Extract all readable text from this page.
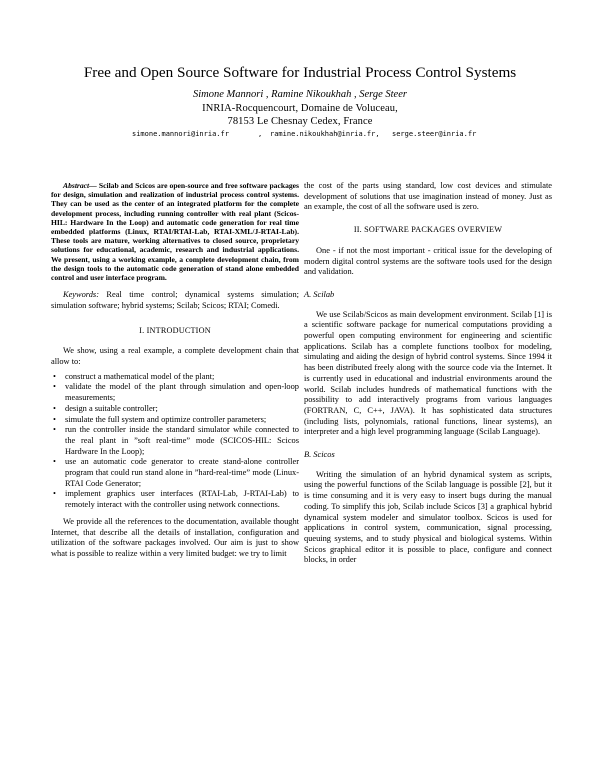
Free and Open Source Software for Industrial Process Control Systems
Simone Mannori , Ramine Nikoukhah , Serge Steer
INRIA-Rocquencourt, Domaine de Voluceau,
78153 Le Chesnay Cedex, France
simone.mannori@inria.fr	, ramine.nikoukhah@inria.fr, serge.steer@inria.fr

Abstract— Scilab and Scicos are open-source and free software packages for design, simulation and realization of industrial process control systems. They can be used as the center of an integrated platform for the complete development process, including running controller with real plant (Scicos-HIL: Hardware In the Loop) and automatic code generation for real time embedded platforms (Linux, RTAI/RTAI-Lab, RTAI-XML/J-RTAI-Lab). These tools are mature, working alternatives to closed source, proprietary solutions for educational, academic, research and industrial applications. We present, using a working example, a complete development chain, from the design tools to the automatic code generation of stand alone embedded control and user interface program.

Keywords: Real time control; dynamical systems simulation; simulation software; hybrid systems; Scilab; Scicos; RTAI; Comedi.

I. INTRODUCTION

We show, using a real example, a complete development chain that allow to:

• construct a mathematical model of the plant;
• validate the model of the plant through simulation and open-loop measurements;
• design a suitable controller;
• simulate the full system and optimize controller parameters;
• run the controller inside the standard simulator while connected to the real plant in ”soft real-time” mode (SCICOS-HIL: Scicos Hardware In the Loop);
• use an automatic code generator to create stand-alone controller program that could run stand alone in ”hard-real-time” mode (Linux-RTAI Code Generator;
• implement graphics user interfaces (RTAI-Lab, J-RTAI-Lab) to remotely interact with the controller using network connections.

We provide all the references to the documentation, available thought Internet, that describe all the details of installation, configuration and utilization of the software packages involved. Our aim is just to show what is possible to realize within a very limited budget: we try to limit

the cost of the parts using standard, low cost devices and stimulate development of solutions that use imagination instead of money. Just as an example, the cost of all the software used is zero.

II. SOFTWARE PACKAGES OVERVIEW

One - if not the most important - critical issue for the developing of modern digital control systems are the software tools used for the design and validation.

A. Scilab

We use Scilab/Scicos as main development environment. Scilab [1] is a scientific software package for numerical computations providing a powerful open computing environment for engineering and scientific applications. Scilab has a complete functions toolbox for modeling, simulating and aiding the design of hybrid control systems. Since 1994 it has been distributed freely along with the source code via the Internet. It is currently used in educational and industrial environments around the world. Scilab includes hundreds of mathematical functions with the possibility to add interactively programs from various languages (FORTRAN, C, C++, JAVA). It has sophisticated data structures (including lists, polynomials, rational functions, linear systems), an interpreter and a high level programming language (Scilab Language).

B. Scicos

Writing the simulation of an hybrid dynamical system as scripts, using the powerful functions of the Scilab language is possible [2], but it is time consuming and it is very easy to insert bugs during the manual coding. To simplify this job, Scilab include Scicos [3] a graphical hybrid dynamical system modeler and simulator toolbox. Scicos is used for applications in control system, communication, signal processing, queuing systems, and to study physical and biological systems. Within Scicos graphical editor it is possible to place, configure and connect blocks, in order
